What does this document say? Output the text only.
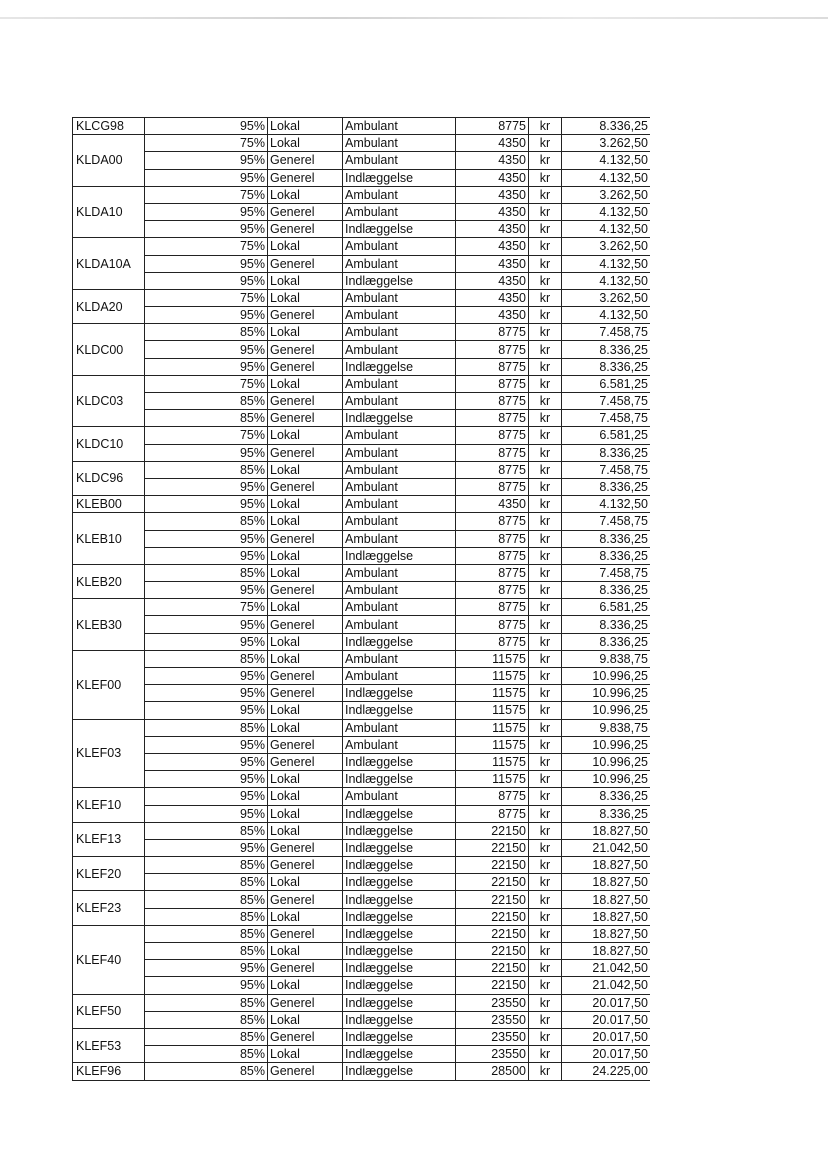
KLCG98	95%	Lokal	Ambulant	8775	kr	8.336,25
KLDA00	75%	Lokal	Ambulant	4350	kr	3.262,50
	95%	Generel	Ambulant	4350	kr	4.132,50
	95%	Generel	Indlæggelse	4350	kr	4.132,50
KLDA10	75%	Lokal	Ambulant	4350	kr	3.262,50
	95%	Generel	Ambulant	4350	kr	4.132,50
	95%	Generel	Indlæggelse	4350	kr	4.132,50
KLDA10A	75%	Lokal	Ambulant	4350	kr	3.262,50
	95%	Generel	Ambulant	4350	kr	4.132,50
	95%	Lokal	Indlæggelse	4350	kr	4.132,50
KLDA20	75%	Lokal	Ambulant	4350	kr	3.262,50
	95%	Generel	Ambulant	4350	kr	4.132,50
KLDC00	85%	Lokal	Ambulant	8775	kr	7.458,75
	95%	Generel	Ambulant	8775	kr	8.336,25
	95%	Generel	Indlæggelse	8775	kr	8.336,25
KLDC03	75%	Lokal	Ambulant	8775	kr	6.581,25
	85%	Generel	Ambulant	8775	kr	7.458,75
	85%	Generel	Indlæggelse	8775	kr	7.458,75
KLDC10	75%	Lokal	Ambulant	8775	kr	6.581,25
	95%	Generel	Ambulant	8775	kr	8.336,25
KLDC96	85%	Lokal	Ambulant	8775	kr	7.458,75
	95%	Generel	Ambulant	8775	kr	8.336,25
KLEB00	95%	Lokal	Ambulant	4350	kr	4.132,50
KLEB10	85%	Lokal	Ambulant	8775	kr	7.458,75
	95%	Generel	Ambulant	8775	kr	8.336,25
	95%	Lokal	Indlæggelse	8775	kr	8.336,25
KLEB20	85%	Lokal	Ambulant	8775	kr	7.458,75
	95%	Generel	Ambulant	8775	kr	8.336,25
KLEB30	75%	Lokal	Ambulant	8775	kr	6.581,25
	95%	Generel	Ambulant	8775	kr	8.336,25
	95%	Lokal	Indlæggelse	8775	kr	8.336,25
KLEF00	85%	Lokal	Ambulant	11575	kr	9.838,75
	95%	Generel	Ambulant	11575	kr	10.996,25
	95%	Generel	Indlæggelse	11575	kr	10.996,25
	95%	Lokal	Indlæggelse	11575	kr	10.996,25
KLEF03	85%	Lokal	Ambulant	11575	kr	9.838,75
	95%	Generel	Ambulant	11575	kr	10.996,25
	95%	Generel	Indlæggelse	11575	kr	10.996,25
	95%	Lokal	Indlæggelse	11575	kr	10.996,25
KLEF10	95%	Lokal	Ambulant	8775	kr	8.336,25
	95%	Lokal	Indlæggelse	8775	kr	8.336,25
KLEF13	85%	Lokal	Indlæggelse	22150	kr	18.827,50
	95%	Generel	Indlæggelse	22150	kr	21.042,50
KLEF20	85%	Generel	Indlæggelse	22150	kr	18.827,50
	85%	Lokal	Indlæggelse	22150	kr	18.827,50
KLEF23	85%	Generel	Indlæggelse	22150	kr	18.827,50
	85%	Lokal	Indlæggelse	22150	kr	18.827,50
KLEF40	85%	Generel	Indlæggelse	22150	kr	18.827,50
	85%	Lokal	Indlæggelse	22150	kr	18.827,50
	95%	Generel	Indlæggelse	22150	kr	21.042,50
	95%	Lokal	Indlæggelse	22150	kr	21.042,50
KLEF50	85%	Generel	Indlæggelse	23550	kr	20.017,50
	85%	Lokal	Indlæggelse	23550	kr	20.017,50
KLEF53	85%	Generel	Indlæggelse	23550	kr	20.017,50
	85%	Lokal	Indlæggelse	23550	kr	20.017,50
KLEF96	85%	Generel	Indlæggelse	28500	kr	24.225,00
